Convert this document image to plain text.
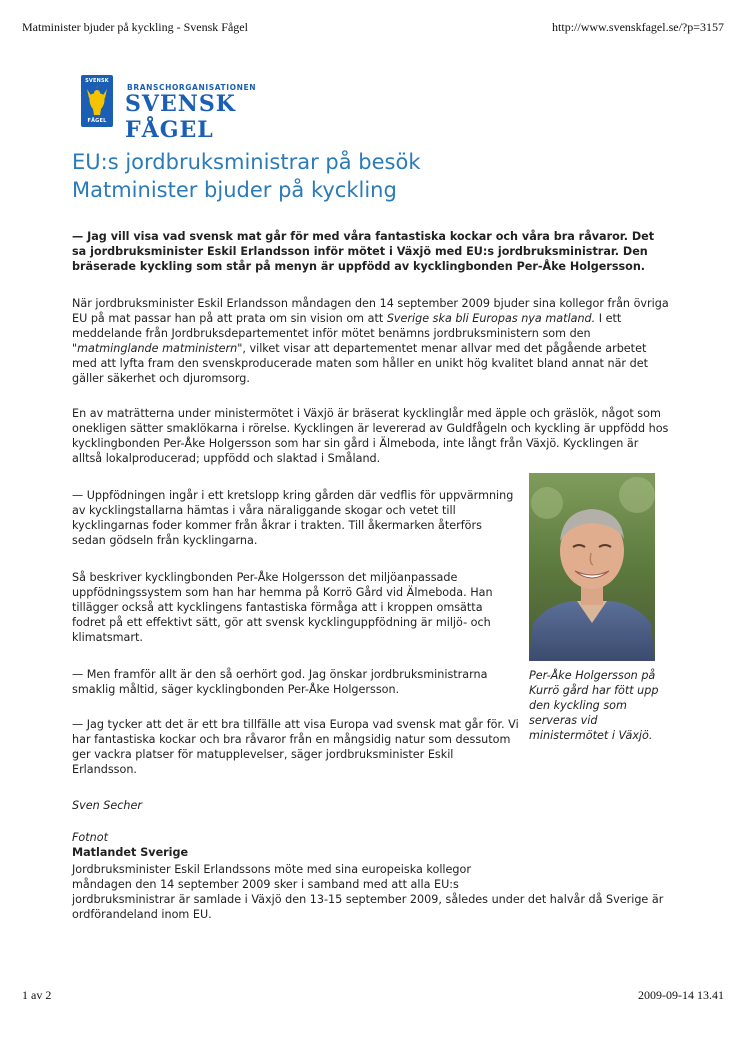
Matminister bjuder på kyckling - Svensk Fågel	http://www.svenskfagel.se/?p=3157
SVENSK
FÅGEL
BRANSCHORGANISATIONEN
SVENSK FÅGEL
EU:s jordbruksministrar på besök
Matminister bjuder på kyckling

— Jag vill visa vad svensk mat går för med våra fantastiska kockar och våra bra råvaror. Det sa jordbruksminister Eskil Erlandsson inför mötet i Växjö med EU:s jordbruksministrar. Den bräserade kyckling som står på menyn är uppfödd av kycklingbonden Per-Åke Holgersson.

När jordbruksminister Eskil Erlandsson måndagen den 14 september 2009 bjuder sina kollegor från övriga EU på mat passar han på att prata om sin vision om att Sverige ska bli Europas nya matland. I ett meddelande från Jordbruksdepartementet inför mötet benämns jordbruksministern som den "matminglande matministern", vilket visar att departementet menar allvar med det pågående arbetet med att lyfta fram den svenskproducerade maten som håller en unikt hög kvalitet bland annat när det gäller säkerhet och djuromsorg.

En av maträtterna under ministermötet i Växjö är bräserat kycklinglår med äpple och gräslök, något som onekligen sätter smaklökarna i rörelse. Kycklingen är levererad av Guldfågeln och kyckling är uppfödd hos kycklingbonden Per-Åke Holgersson som har sin gård i Älmeboda, inte långt från Växjö. Kycklingen är alltså lokalproducerad; uppfödd och slaktad i Småland.

— Uppfödningen ingår i ett kretslopp kring gården där vedflis för uppvärmning av kycklingstallarna hämtas i våra näraliggande skogar och vetet till kycklingarnas foder kommer från åkrar i trakten. Till åkermarken återförs sedan gödseln från kycklingarna.

Så beskriver kycklingbonden Per-Åke Holgersson det miljöanpassade uppfödningssystem som han har hemma på Korrö Gård vid Älmeboda. Han tillägger också att kycklingens fantastiska förmåga att i kroppen omsätta fodret på ett effektivt sätt, gör att svensk kycklinguppfödning är miljö- och klimatsmart.

— Men framför allt är den så oerhört god. Jag önskar jordbruksministrarna smaklig måltid, säger kycklingbonden Per-Åke Holgersson.

— Jag tycker att det är ett bra tillfälle att visa Europa vad svensk mat går för. Vi har fantastiska kockar och bra råvaror från en mångsidig natur som dessutom ger vackra platser för matupplevelser, säger jordbruksminister Eskil Erlandsson.

Sven Secher

Per-Åke Holgersson på Kurrö gård har fött upp den kyckling som serveras vid ministermötet i Växjö.

Fotnot

Matlandet Sverige

Jordbruksminister Eskil Erlandssons möte med sina europeiska kollegor
måndagen den 14 september 2009 sker i samband med att alla EU:s
jordbruksministrar är samlade i Växjö den 13-15 september 2009, således under det halvår då Sverige är ordförandeland inom EU.

1 av 2	2009-09-14 13.41
